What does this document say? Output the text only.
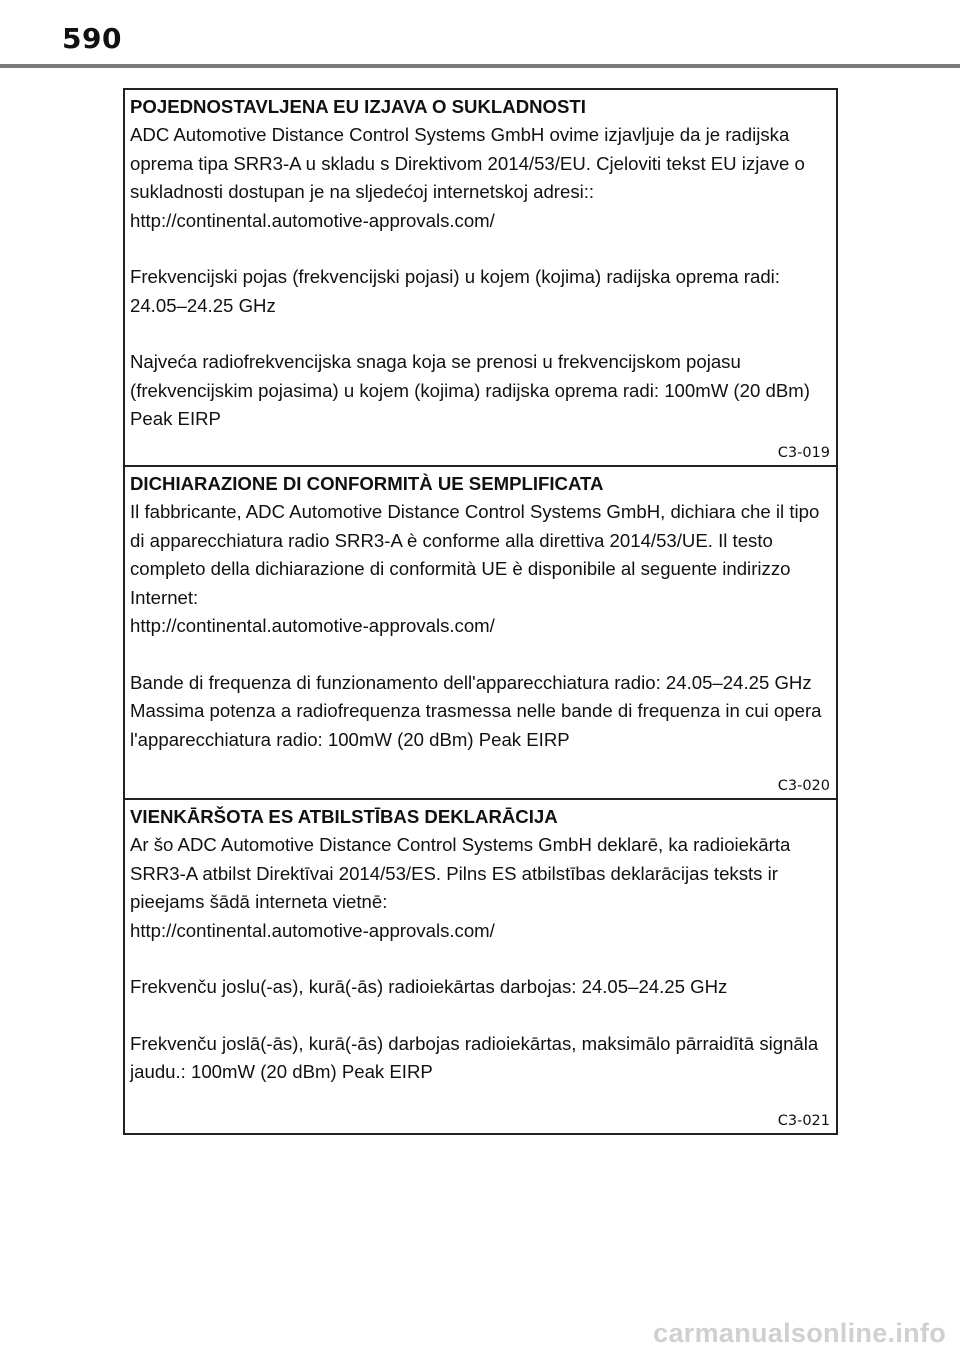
590
POJEDNOSTAVLJENA EU IZJAVA O SUKLADNOSTI

ADC Automotive Distance Control Systems GmbH ovime izjavljuje da je radijska oprema tipa SRR3-A u skladu s Direktivom 2014/53/EU. Cjeloviti tekst EU izjave o sukladnosti dostupan je na sljedećoj internetskoj adresi::

http://continental.automotive-approvals.com/

Frekvencijski pojas (frekvencijski pojasi) u kojem (kojima) radijska oprema radi: 24.05–24.25 GHz

Najveća radiofrekvencijska snaga koja se prenosi u frekvencijskom pojasu (frekvencijskim pojasima) u kojem (kojima) radijska oprema radi: 100mW (20 dBm) Peak EIRP

C3-019
DICHIARAZIONE DI CONFORMITÀ UE SEMPLIFICATA

Il fabbricante, ADC Automotive Distance Control Systems GmbH, dichiara che il tipo di apparecchiatura radio SRR3-A è conforme alla direttiva 2014/53/UE. Il testo completo della dichiarazione di conformità UE è disponibile al seguente indirizzo Internet:

http://continental.automotive-approvals.com/

Bande di frequenza di funzionamento dell'apparecchiatura radio: 24.05–24.25 GHz

Massima potenza a radiofrequenza trasmessa nelle bande di frequenza in cui opera l'apparecchiatura radio: 100mW (20 dBm) Peak EIRP

C3-020
VIENKĀRŠOTA ES ATBILSTĪBAS DEKLARĀCIJA

Ar šo ADC Automotive Distance Control Systems GmbH deklarē, ka radioiekārta SRR3-A atbilst Direktīvai 2014/53/ES. Pilns ES atbilstības deklarācijas teksts ir pieejams šādā interneta vietnē:

http://continental.automotive-approvals.com/

Frekvenču joslu(-as), kurā(-ās) radioiekārtas darbojas: 24.05–24.25 GHz

Frekvenču joslā(-ās), kurā(-ās) darbojas radioiekārtas, maksimālo pārraidītā signāla jaudu.: 100mW (20 dBm) Peak EIRP

C3-021
carmanualsonline.info
